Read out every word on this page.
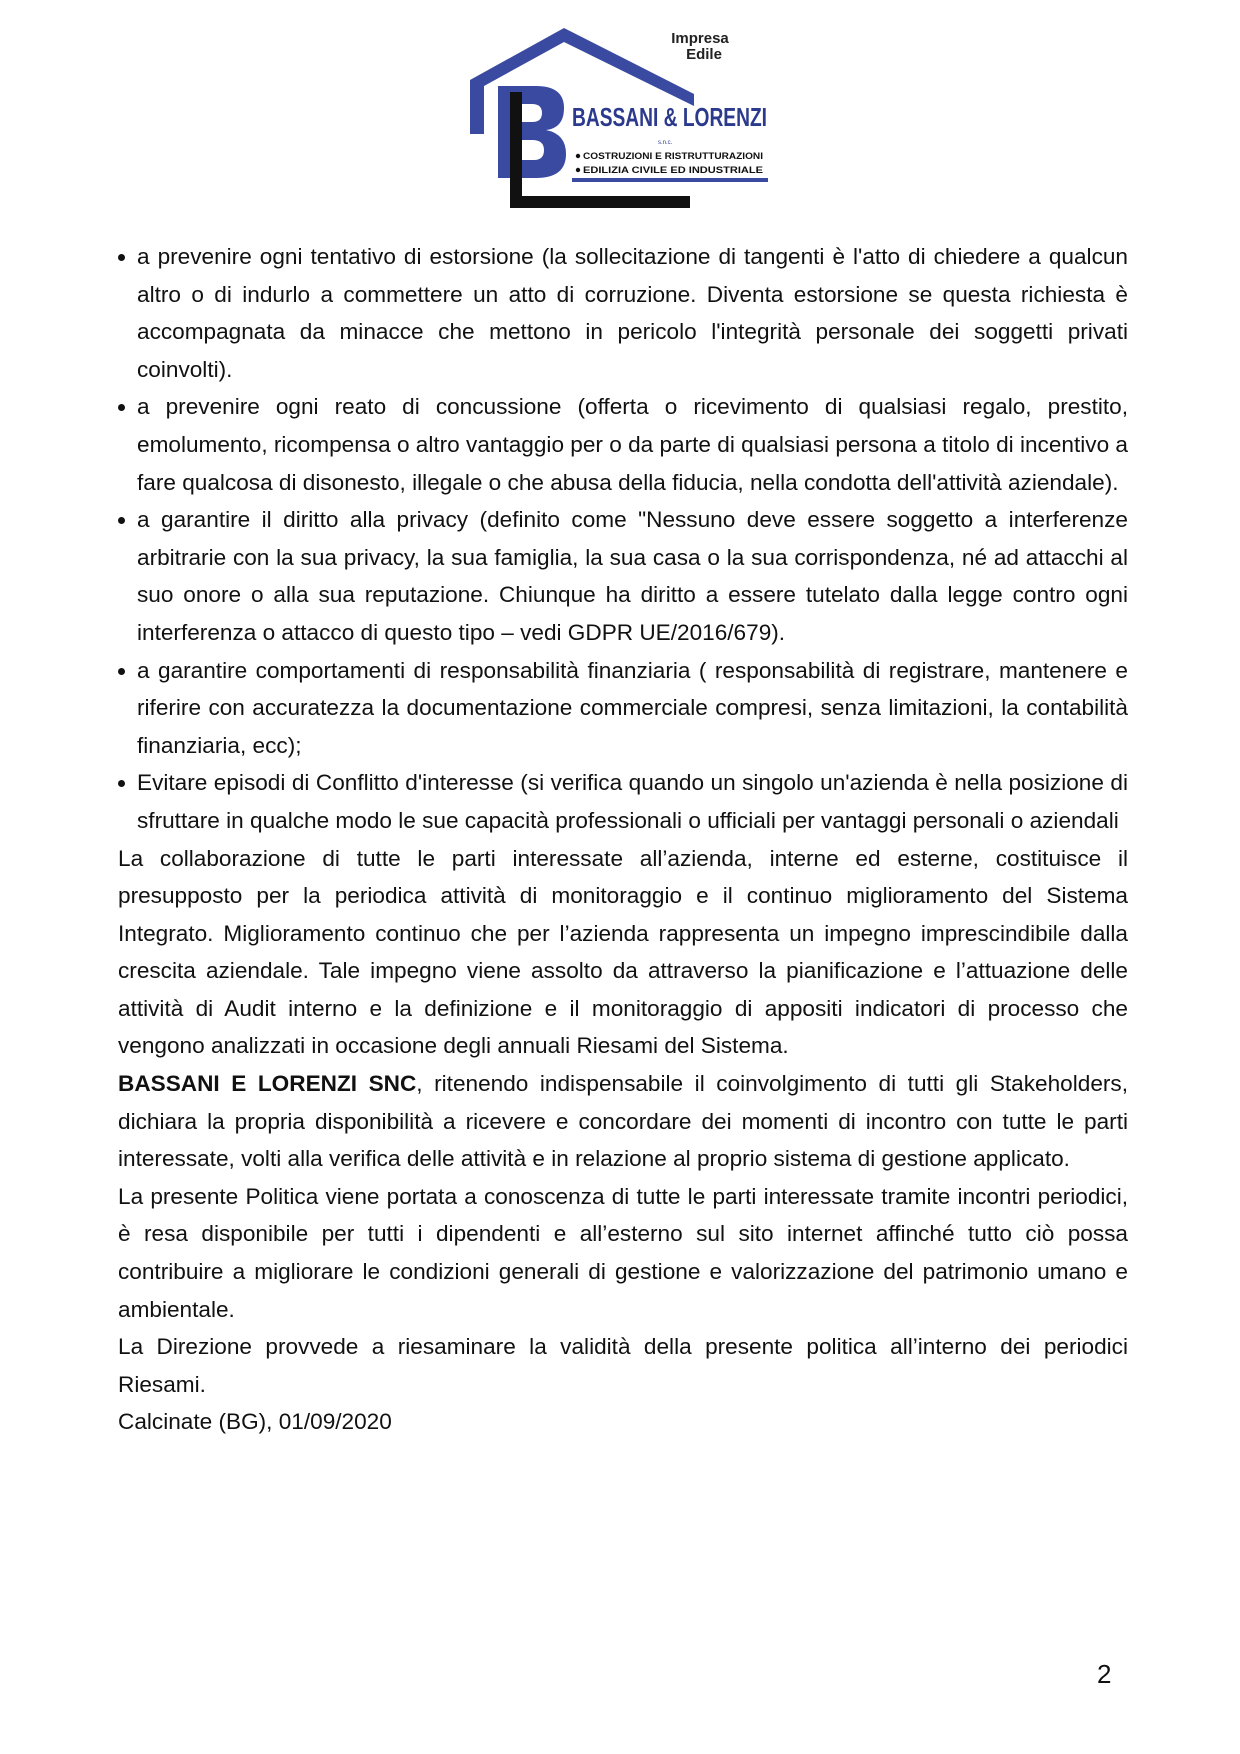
Impresa
Edile
BASSANI & LORENZI
s.n.c.
COSTRUZIONI E RISTRUTTURAZIONI
EDILIZIA CIVILE ED INDUSTRIALE
a prevenire ogni tentativo di estorsione (la sollecitazione di tangenti è l'atto di chiedere a qualcun altro o di indurlo a commettere un atto di corruzione. Diventa estorsione se questa richiesta è accompagnata da minacce che mettono in pericolo l'integrità personale dei soggetti privati coinvolti).
a prevenire ogni reato di concussione (offerta o ricevimento di qualsiasi regalo, prestito, emolumento, ricompensa o altro vantaggio per o da parte di qualsiasi persona a titolo di incentivo a fare qualcosa di disonesto, illegale o che abusa della fiducia, nella condotta dell'attività aziendale).
a garantire il diritto alla privacy (definito come "Nessuno deve essere soggetto a interferenze arbitrarie con la sua privacy, la sua famiglia, la sua casa o la sua corrispondenza, né ad attacchi al suo onore o alla sua reputazione. Chiunque ha diritto a essere tutelato dalla legge contro ogni interferenza o attacco di questo tipo – vedi GDPR UE/2016/679).
a garantire comportamenti di responsabilità finanziaria ( responsabilità di registrare, mantenere e riferire con accuratezza la documentazione commerciale compresi, senza limitazioni, la contabilità finanziaria, ecc);
Evitare episodi di Conflitto d'interesse (si verifica quando un singolo un'azienda è nella posizione di sfruttare in qualche modo le sue capacità professionali o ufficiali per vantaggi personali o aziendali

La collaborazione di tutte le parti interessate all’azienda, interne ed esterne, costituisce il presupposto per la periodica attività di monitoraggio e il continuo miglioramento del Sistema Integrato. Miglioramento continuo che per l’azienda rappresenta un impegno imprescindibile dalla crescita aziendale. Tale impegno viene assolto da attraverso la pianificazione e l’attuazione delle attività di Audit interno e la definizione e il monitoraggio di appositi indicatori di processo che vengono analizzati in occasione degli annuali Riesami del Sistema.

BASSANI E LORENZI SNC, ritenendo indispensabile il coinvolgimento di tutti gli Stakeholders, dichiara la propria disponibilità a ricevere e concordare dei momenti di incontro con tutte le parti interessate, volti alla verifica delle attività e in relazione al proprio sistema di gestione applicato.

La presente Politica viene portata a conoscenza di tutte le parti interessate tramite incontri periodici, è resa disponibile per tutti i dipendenti e all’esterno sul sito internet affinché tutto ciò possa contribuire a migliorare le condizioni generali di gestione e valorizzazione del patrimonio umano e ambientale.

La Direzione provvede a riesaminare la validità della presente politica all’interno dei periodici Riesami.

Calcinate (BG), 01/09/2020

2
